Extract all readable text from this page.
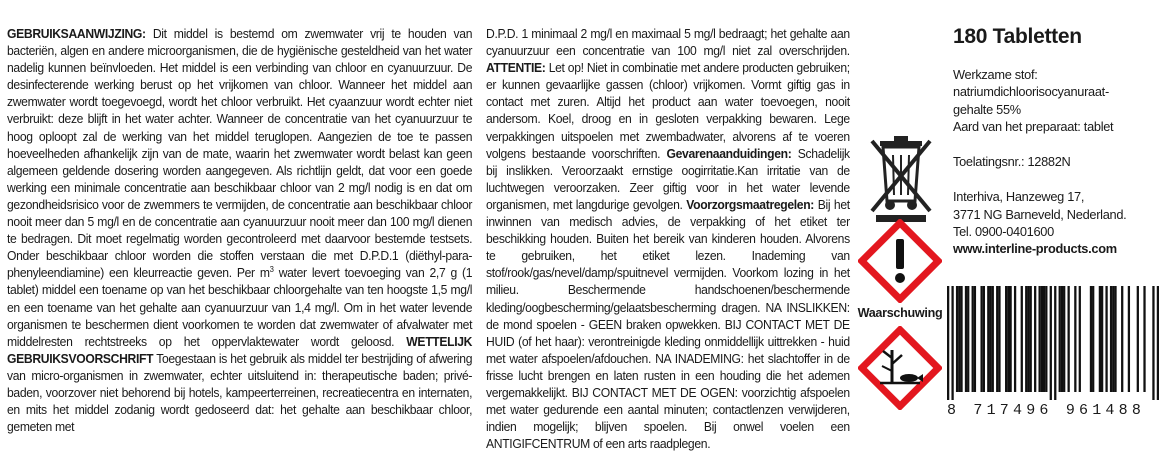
GEBRUIKSAANWIJZING: Dit middel is bestemd om zwemwater vrij te houden van bacteriën, algen en andere microorganismen, die de hygiënische gesteldheid van het water nadelig kunnen beïnvloeden. Het middel is een verbinding van chloor en cyanuurzuur. De desinfecterende werking berust op het vrijkomen van chloor. Wanneer het middel aan zwemwater wordt toegevoegd, wordt het chloor verbruikt. Het cyaanzuur wordt echter niet verbruikt: deze blijft in het water achter. Wanneer de concentratie van het cyanuurzuur te hoog oploopt zal de werking van het middel teruglopen. Aangezien de toe te passen hoeveelheden afhankelijk zijn van de mate, waarin het zwemwater wordt belast kan geen algemeen geldende dosering worden aangegeven. Als richtlijn geldt, dat voor een goede werking een minimale concentratie aan beschikbaar chloor van 2 mg/l nodig is en dat om gezondheidsrisico voor de zwemmers te vermijden, de concentratie aan beschikbaar chloor nooit meer dan 5 mg/l en de concentratie aan cyanuurzuur nooit meer dan 100 mg/l dienen te bedragen. Dit moet regelmatig worden gecontroleerd met daarvoor bestemde testsets. Onder beschikbaar chloor worden die stoffen verstaan die met D.P.D.1 (diëthyl-para-phenyleendiamine) een kleurreactie geven. Per $m^3$ water levert toevoeging van 2,7 g (1 tablet) middel een toename op van het beschikbaar chloorgehalte van ten hoogste 1,5 mg/l en een toename van het gehalte aan cyanuurzuur van 1,4 mg/l. Om in het water levende organismen te beschermen dient voorkomen te worden dat zwemwater of afvalwater met middelresten rechtstreeks op het oppervlaktewater wordt geloosd. WETTELIJK GEBRUIKSVOORSCHRIFT Toegestaan is het gebruik als middel ter bestrijding of afwering van micro-organismen in zwemwater, echter uitsluitend in: therapeutische baden; privé-baden, voorzover niet behorend bij hotels, kampeerterreinen, recreatiecentra en internaten, en mits het middel zodanig wordt gedoseerd dat: het gehalte aan beschikbaar chloor, gemeten met

D.P.D. 1 minimaal 2 mg/l en maximaal 5 mg/l bedraagt; het gehalte aan cyanuurzuur een concentratie van 100 mg/l niet zal overschrijden. ATTENTIE: Let op! Niet in combinatie met andere producten gebruiken; er kunnen gevaarlijke gassen (chloor) vrijkomen. Vormt giftig gas in contact met zuren. Altijd het product aan water toevoegen, nooit andersom. Koel, droog en in gesloten verpakking bewaren. Lege verpakkingen uitspoelen met zwembadwater, alvorens af te voeren volgens bestaande voorschriften. Gevarenaanduidingen: Schadelijk bij inslikken. Veroorzaakt ernstige oogirritatie.Kan irritatie van de luchtwegen veroorzaken. Zeer giftig voor in het water levende organismen, met langdurige gevolgen. Voorzorgsmaatregelen: Bij het inwinnen van medisch advies, de verpakking of het etiket ter beschikking houden. Buiten het bereik van kinderen houden. Alvorens te gebruiken, het etiket lezen. Inademing van stof/rook/gas/nevel/damp/spuitnevel vermijden. Voorkom lozing in het milieu. Beschermende handschoenen/beschermende kleding/oogbescherming/gelaatsbescherming dragen. NA INSLIKKEN: de mond spoelen - GEEN braken opwekken. BIJ CONTACT MET DE HUID (of het haar): verontreinigde kleding onmiddellijk uittrekken - huid met water afspoelen/afdouchen. NA INADEMING: het slachtoffer in de frisse lucht brengen en laten rusten in een houding die het ademen vergemakkelijkt. BIJ CONTACT MET DE OGEN: voorzichtig afspoelen met water gedurende een aantal minuten; contactlenzen verwijderen, indien mogelijk; blijven spoelen. Bij onwel voelen een ANTIGIFCENTRUM of een arts raadplegen.

Waarschuwing
180 Tabletten
Werkzame stof:
natriumdichloorisocyanuraat-
gehalte 55%
Aard van het preparaat: tablet
Toelatingsnr.: 12882N
Interhiva, Hanzeweg 17,
3771 NG Barneveld, Nederland.
Tel. 0900-0401600
www.interline-products.com
8 717496 961488
